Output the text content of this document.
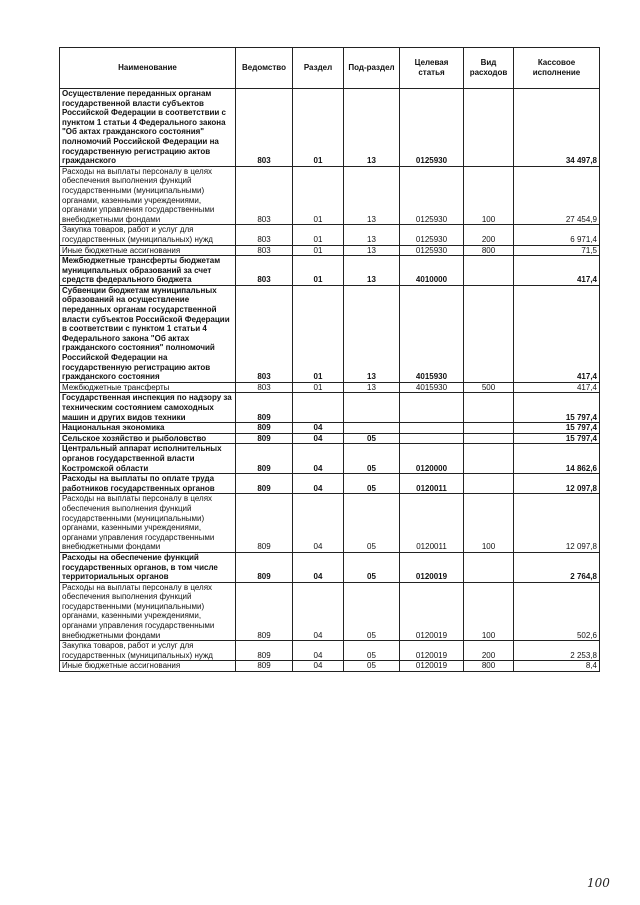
Наименование	Ведомство	Раздел	Под-раздел	Целевая статья	Вид расходов	Кассовое исполнение
Осуществление переданных органам государственной власти субъектов Российской Федерации в соответствии с пунктом 1 статьи 4 Федерального закона "Об актах гражданского состояния" полномочий Российской Федерации на государственную регистрацию актов гражданского	803	01	13	0125930		34 497,8
Расходы на выплаты персоналу в целях обеспечения выполнения функций государственными (муниципальными) органами, казенными учреждениями, органами управления государственными внебюджетными фондами	803	01	13	0125930	100	27 454,9
Закупка товаров, работ и услуг для государственных (муниципальных) нужд	803	01	13	0125930	200	6 971,4
Иные бюджетные ассигнования	803	01	13	0125930	800	71,5
Межбюджетные трансферты бюджетам муниципальных образований за счет средств федерального бюджета	803	01	13	4010000		417,4
Субвенции бюджетам муниципальных образований на осуществление переданных органам государственной власти субъектов Российской Федерации в соответствии с пунктом 1 статьи 4 Федерального закона "Об актах гражданского состояния" полномочий Российской Федерации на государственную регистрацию актов гражданского состояния	803	01	13	4015930		417,4
Межбюджетные трансферты	803	01	13	4015930	500	417,4
Государственная инспекция по надзору за техническим состоянием самоходных машин и других видов техники	809					15 797,4
Национальная экономика	809	04				15 797,4
Сельское хозяйство и рыболовство	809	04	05			15 797,4
Центральный аппарат исполнительных органов государственной власти Костромской области	809	04	05	0120000		14 862,6
Расходы на выплаты по оплате труда работников государственных органов	809	04	05	0120011		12 097,8
Расходы на выплаты персоналу в целях обеспечения выполнения функций государственными (муниципальными) органами, казенными учреждениями, органами управления государственными внебюджетными фондами	809	04	05	0120011	100	12 097,8
Расходы на обеспечение функций государственных органов, в том числе территориальных органов	809	04	05	0120019		2 764,8
Расходы на выплаты персоналу в целях обеспечения выполнения функций государственными (муниципальными) органами, казенными учреждениями, органами управления государственными внебюджетными фондами	809	04	05	0120019	100	502,6
Закупка товаров, работ и услуг для государственных (муниципальных) нужд	809	04	05	0120019	200	2 253,8
Иные бюджетные ассигнования	809	04	05	0120019	800	8,4
100
